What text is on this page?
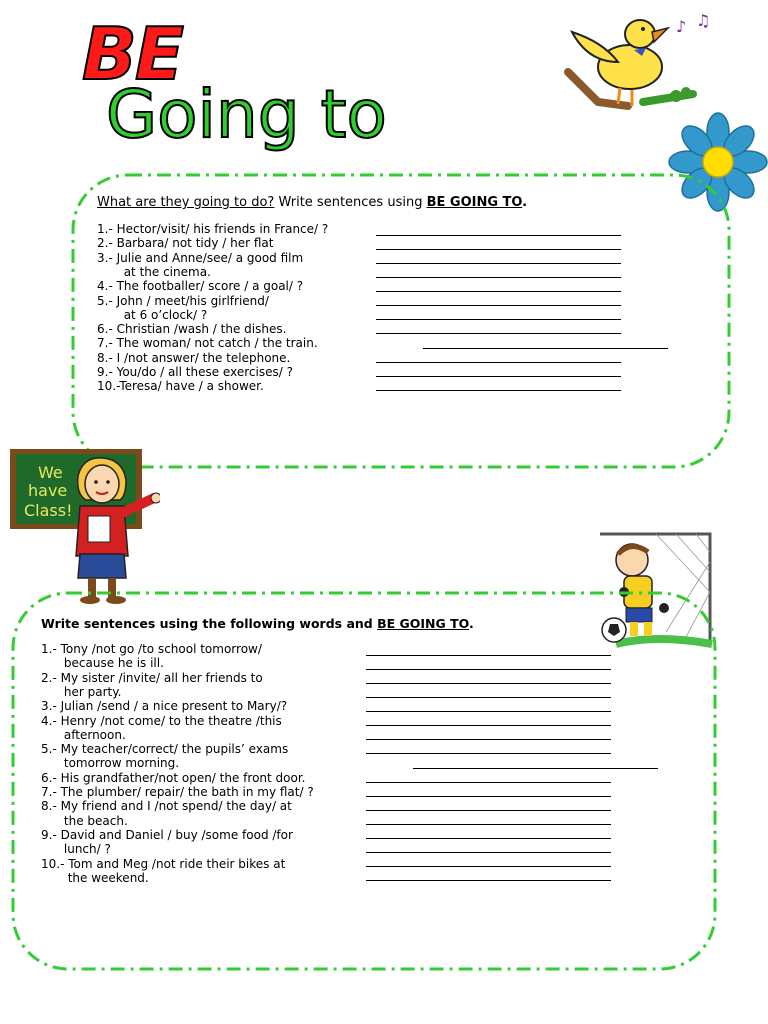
BE
Going to
♪ ♫
What are they going to do? Write sentences using BE GOING TO.
1.- Hector/visit/ his friends in France/ ?
2.- Barbara/ not tidy / her flat
3.- Julie and Anne/see/ a good film
at the cinema.
4.- The footballer/ score / a goal/ ?
5.- John / meet/his girlfriend/
at 6 o’clock/ ?
6.- Christian /wash / the dishes.
7.- The woman/ not catch / the train.
8.- I /not answer/ the telephone.
9.- You/do / all these exercises/ ?
10.-Teresa/ have / a shower.
We
have
Class!
Write sentences using the following words and BE GOING TO.
1.- Tony /not go /to school tomorrow/
because he is ill.
2.- My sister /invite/ all her friends to
her party.
3.- Julian /send / a nice present to Mary/?
4.- Henry /not come/ to the theatre /this
afternoon.
5.- My teacher/correct/ the pupils’ exams
tomorrow morning.
6.- His grandfather/not open/ the front door.
7.- The plumber/ repair/ the bath in my flat/ ?
8.- My friend and I /not spend/ the day/ at
the beach.
9.- David and Daniel / buy /some food /for
lunch/ ?
10.- Tom and Meg /not ride their bikes at
the weekend.
